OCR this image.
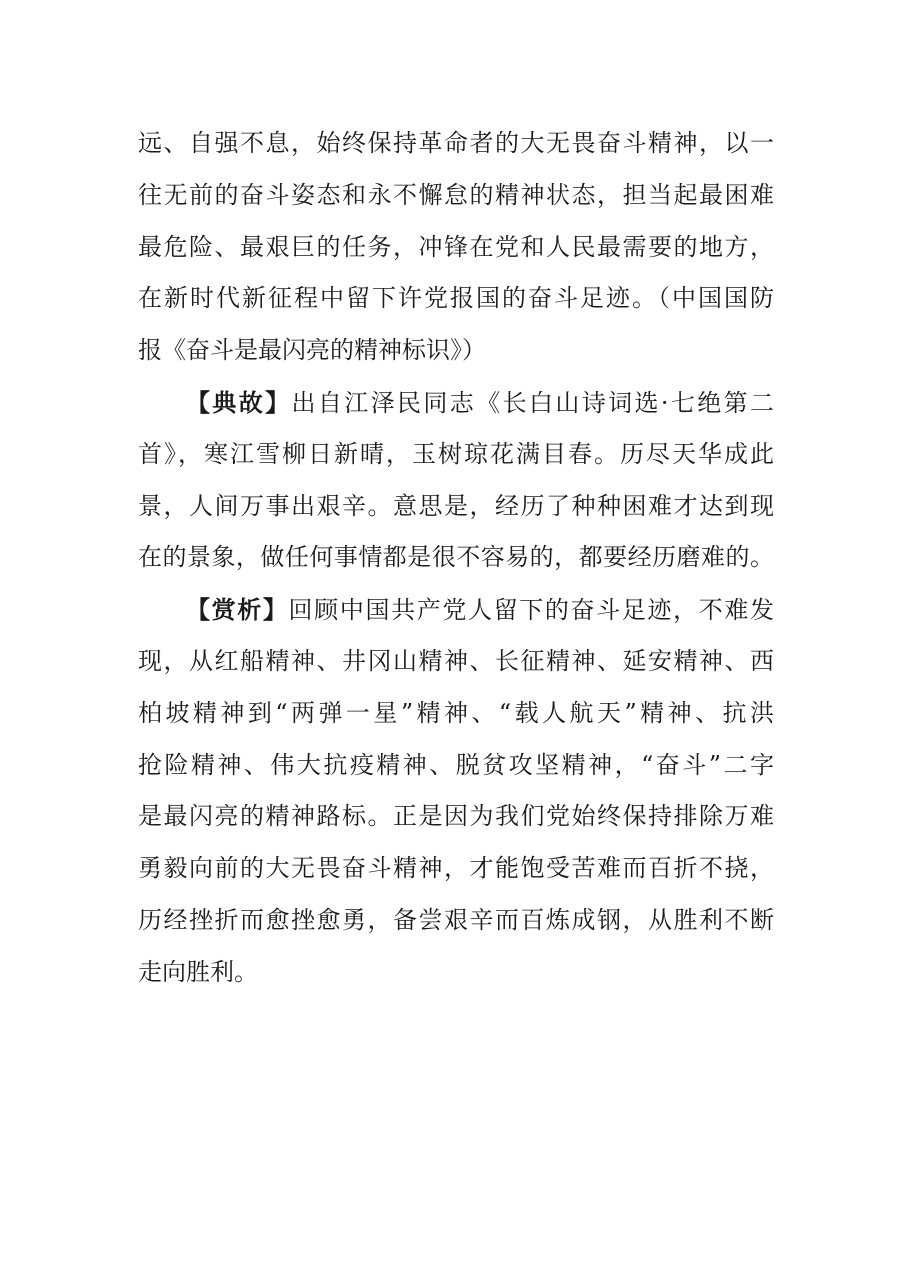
远、自强不息，始终保持革命者的大无畏奋斗精神，以一
往无前的奋斗姿态和永不懈怠的精神状态，担当起最困难
最危险、最艰巨的任务，冲锋在党和人民最需要的地方，
在新时代新征程中留下许党报国的奋斗足迹。（中国国防
报《奋斗是最闪亮的精神标识》）
【典故】出自江泽民同志《长白山诗词选·七绝第二
首》，寒江雪柳日新晴，玉树琼花满目春。历尽天华成此
景，人间万事出艰辛。意思是，经历了种种困难才达到现
在的景象，做任何事情都是很不容易的，都要经历磨难的。
【赏析】回顾中国共产党人留下的奋斗足迹，不难发
现，从红船精神、井冈山精神、长征精神、延安精神、西
柏坡精神到“两弹一星”精神、“载人航天”精神、抗洪
抢险精神、伟大抗疫精神、脱贫攻坚精神，“奋斗”二字
是最闪亮的精神路标。正是因为我们党始终保持排除万难
勇毅向前的大无畏奋斗精神，才能饱受苦难而百折不挠，
历经挫折而愈挫愈勇，备尝艰辛而百炼成钢，从胜利不断
走向胜利。
